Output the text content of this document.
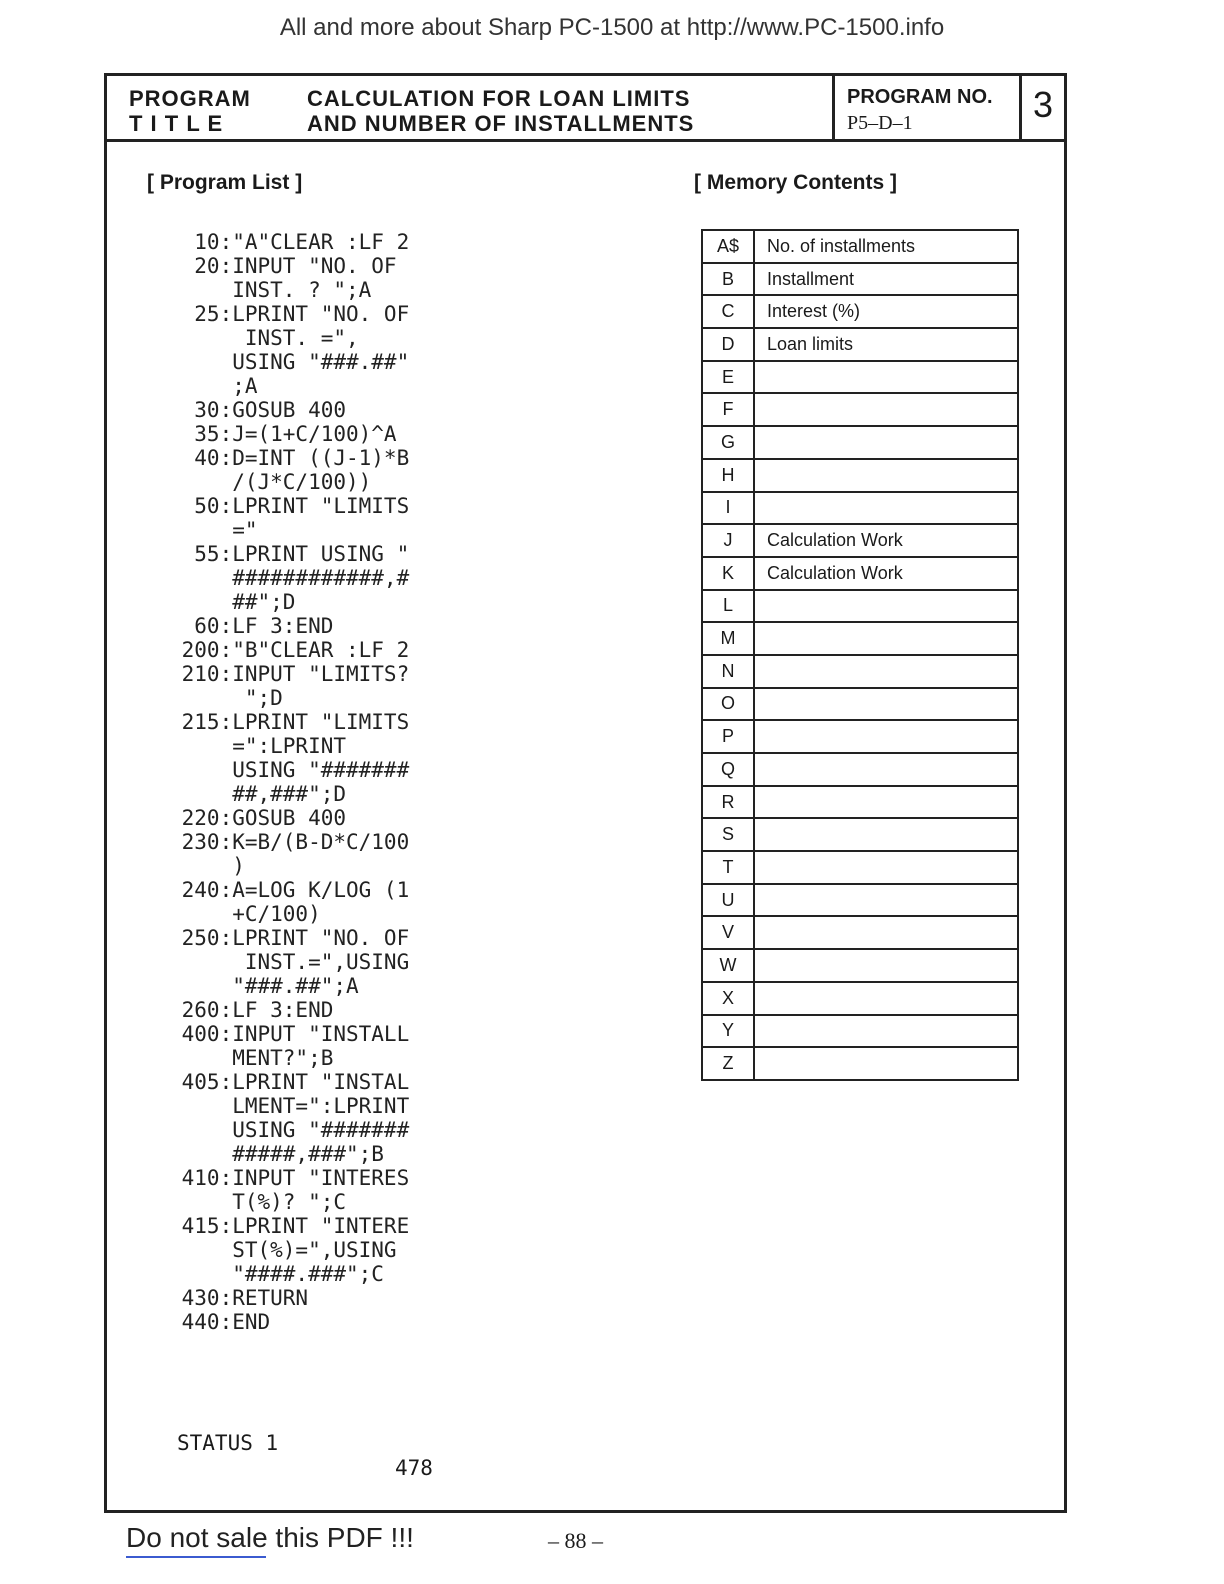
All and more about Sharp PC-1500 at http://www.PC-1500.info
PROGRAM
T I T L E
CALCULATION FOR LOAN LIMITS
AND NUMBER OF INSTALLMENTS
PROGRAM NO.
P5–D–1	3
[ Program List ]	[ Memory Contents ]
10:"A"CLEAR :LF 2
20:INPUT "NO. OF
INST. ? ";A
25:LPRINT "NO. OF
INST. =",
USING "###.##"
;A
30:GOSUB 400
35:J=(1+C/100)^A
40:D=INT ((J-1)*B
/(J*C/100))
50:LPRINT "LIMITS
="
55:LPRINT USING "
############,#
##";D
60:LF 3:END
200:"B"CLEAR :LF 2
210:INPUT "LIMITS?
";D
215:LPRINT "LIMITS
=":LPRINT
USING "#######
##,###";D
220:GOSUB 400
230:K=B/(B-D*C/100
)
240:A=LOG K/LOG (1
+C/100)
250:LPRINT "NO. OF
INST.=",USING
"###.##";A
260:LF 3:END
400:INPUT "INSTALL
MENT?";B
405:LPRINT "INSTAL
LMENT=":LPRINT
USING "#######
#####,###";B
410:INPUT "INTERES
T(%)? ";C
415:LPRINT "INTERE
ST(%)=",USING
"####.###";C
430:RETURN
440:END
STATUS 1
478
A$	No. of installments
B	Installment
C	Interest (%)
D	Loan limits
E	
F	
G	
H	
I	
J	Calculation Work
K	Calculation Work
L	
M	
N	
O	
P	
Q	
R	
S	
T	
U	
V	
W	
X	
Y	
Z	
Do not sale this PDF !!!	– 88 –
